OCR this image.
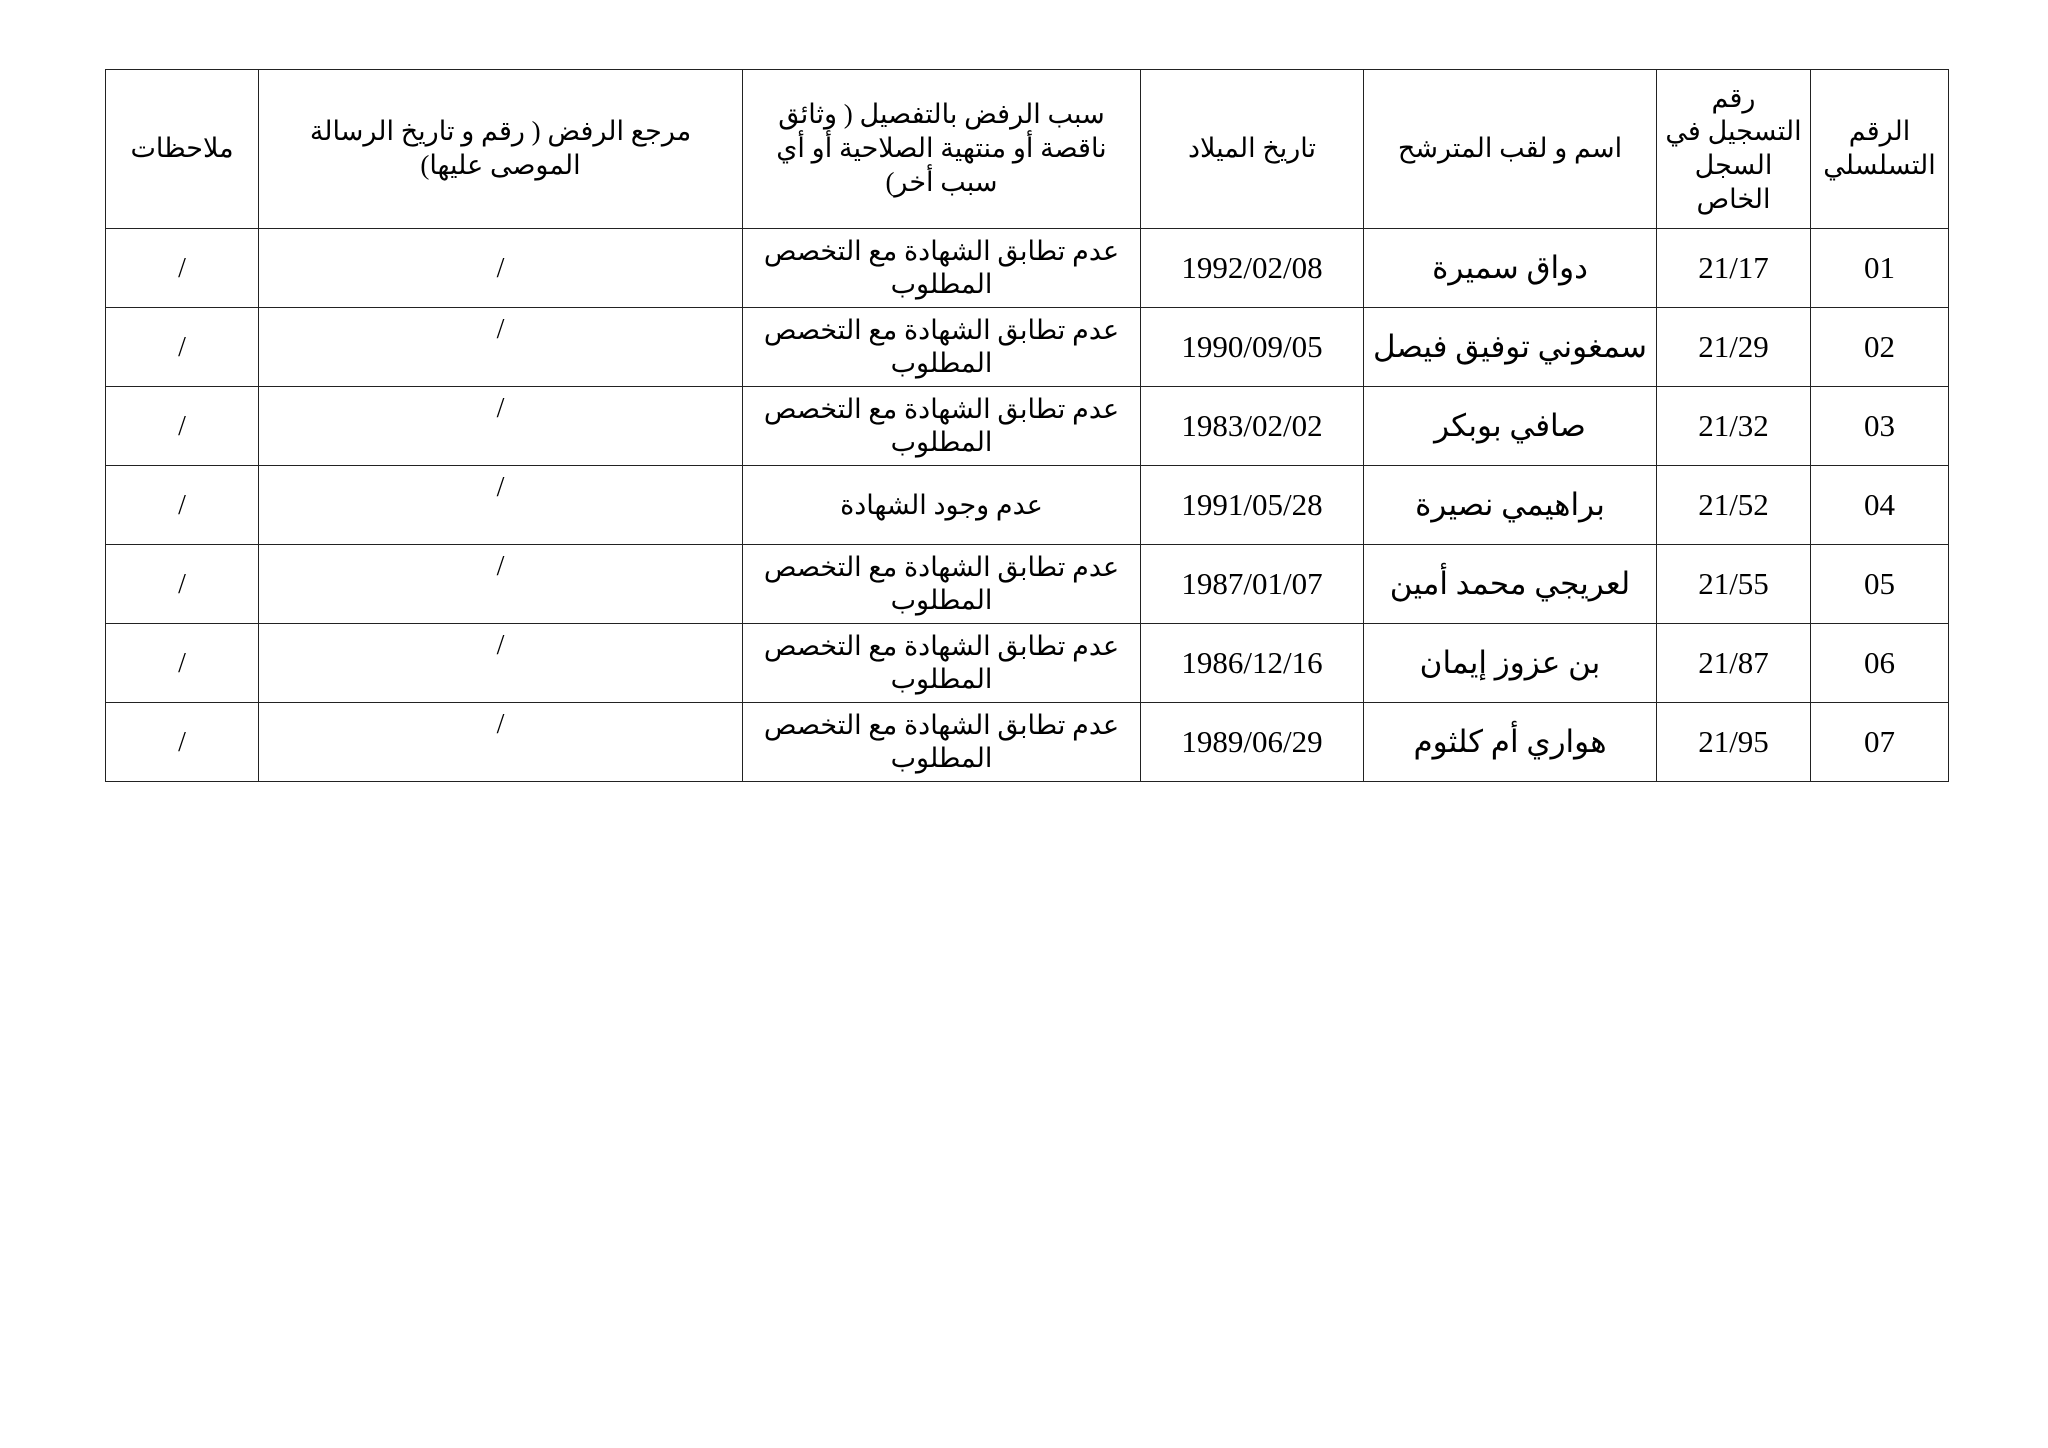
الرقم التسلسلي	رقم التسجيل في السجل الخاص	اسم و لقب المترشح	تاريخ الميلاد	سبب الرفض بالتفصيل ( وثائق ناقصة أو منتهية الصلاحية أو أي سبب أخر)	مرجع الرفض ( رقم و تاريخ الرسالة الموصى عليها)	ملاحظات
01	21/17	دواق سميرة	1992/02/08	عدم تطابق الشهادة مع التخصص المطلوب	/	/
02	21/29	سمغوني توفيق فيصل	1990/09/05	عدم تطابق الشهادة مع التخصص المطلوب	/	/
03	21/32	صافي بوبكر	1983/02/02	عدم تطابق الشهادة مع التخصص المطلوب	/	/
04	21/52	براهيمي نصيرة	1991/05/28	عدم وجود الشهادة	/	/
05	21/55	لعريجي محمد أمين	1987/01/07	عدم تطابق الشهادة مع التخصص المطلوب	/	/
06	21/87	بن عزوز إيمان	1986/12/16	عدم تطابق الشهادة مع التخصص المطلوب	/	/
07	21/95	هواري أم كلثوم	1989/06/29	عدم تطابق الشهادة مع التخصص المطلوب	/	/
